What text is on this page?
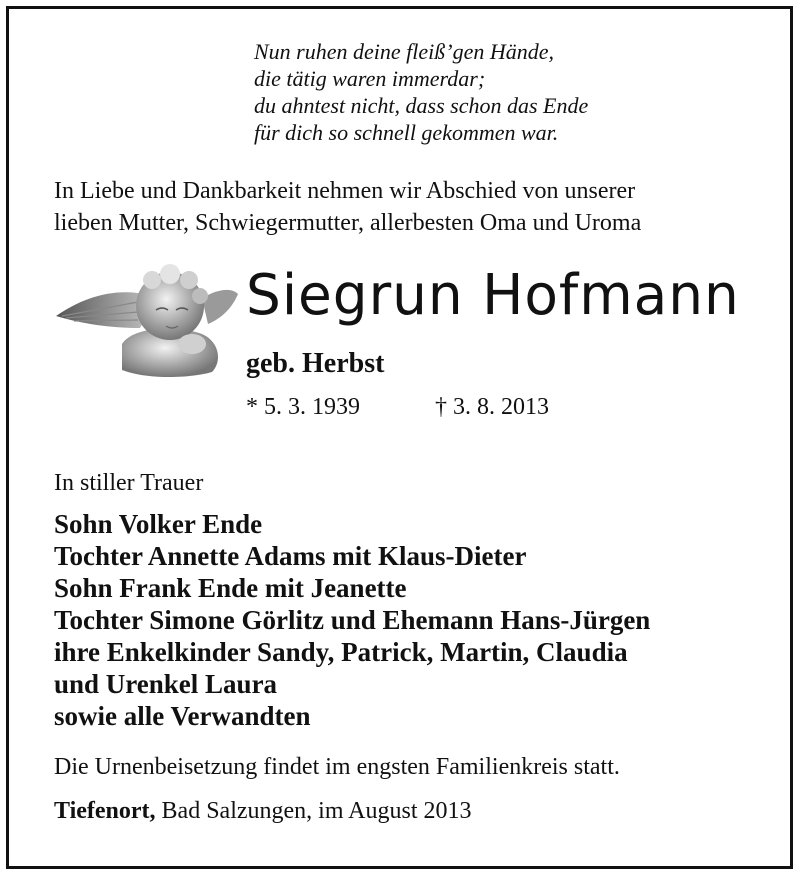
Nun ruhen deine fleiß’gen Hände,
die tätig waren immerdar;
du ahntest nicht, dass schon das Ende
für dich so schnell gekommen war.
In Liebe und Dankbarkeit nehmen wir Abschied von unserer
lieben Mutter, Schwiegermutter, allerbesten Oma und Uroma
Siegrun Hofmann
geb. Herbst
* 5. 3. 1939	† 3. 8. 2013
In stiller Trauer
Sohn Volker Ende
Tochter Annette Adams mit Klaus-Dieter
Sohn Frank Ende mit Jeanette
Tochter Simone Görlitz und Ehemann Hans-Jürgen
ihre Enkelkinder Sandy, Patrick, Martin, Claudia
und Urenkel Laura
sowie alle Verwandten
Die Urnenbeisetzung findet im engsten Familienkreis statt.
Tiefenort, Bad Salzungen, im August 2013
